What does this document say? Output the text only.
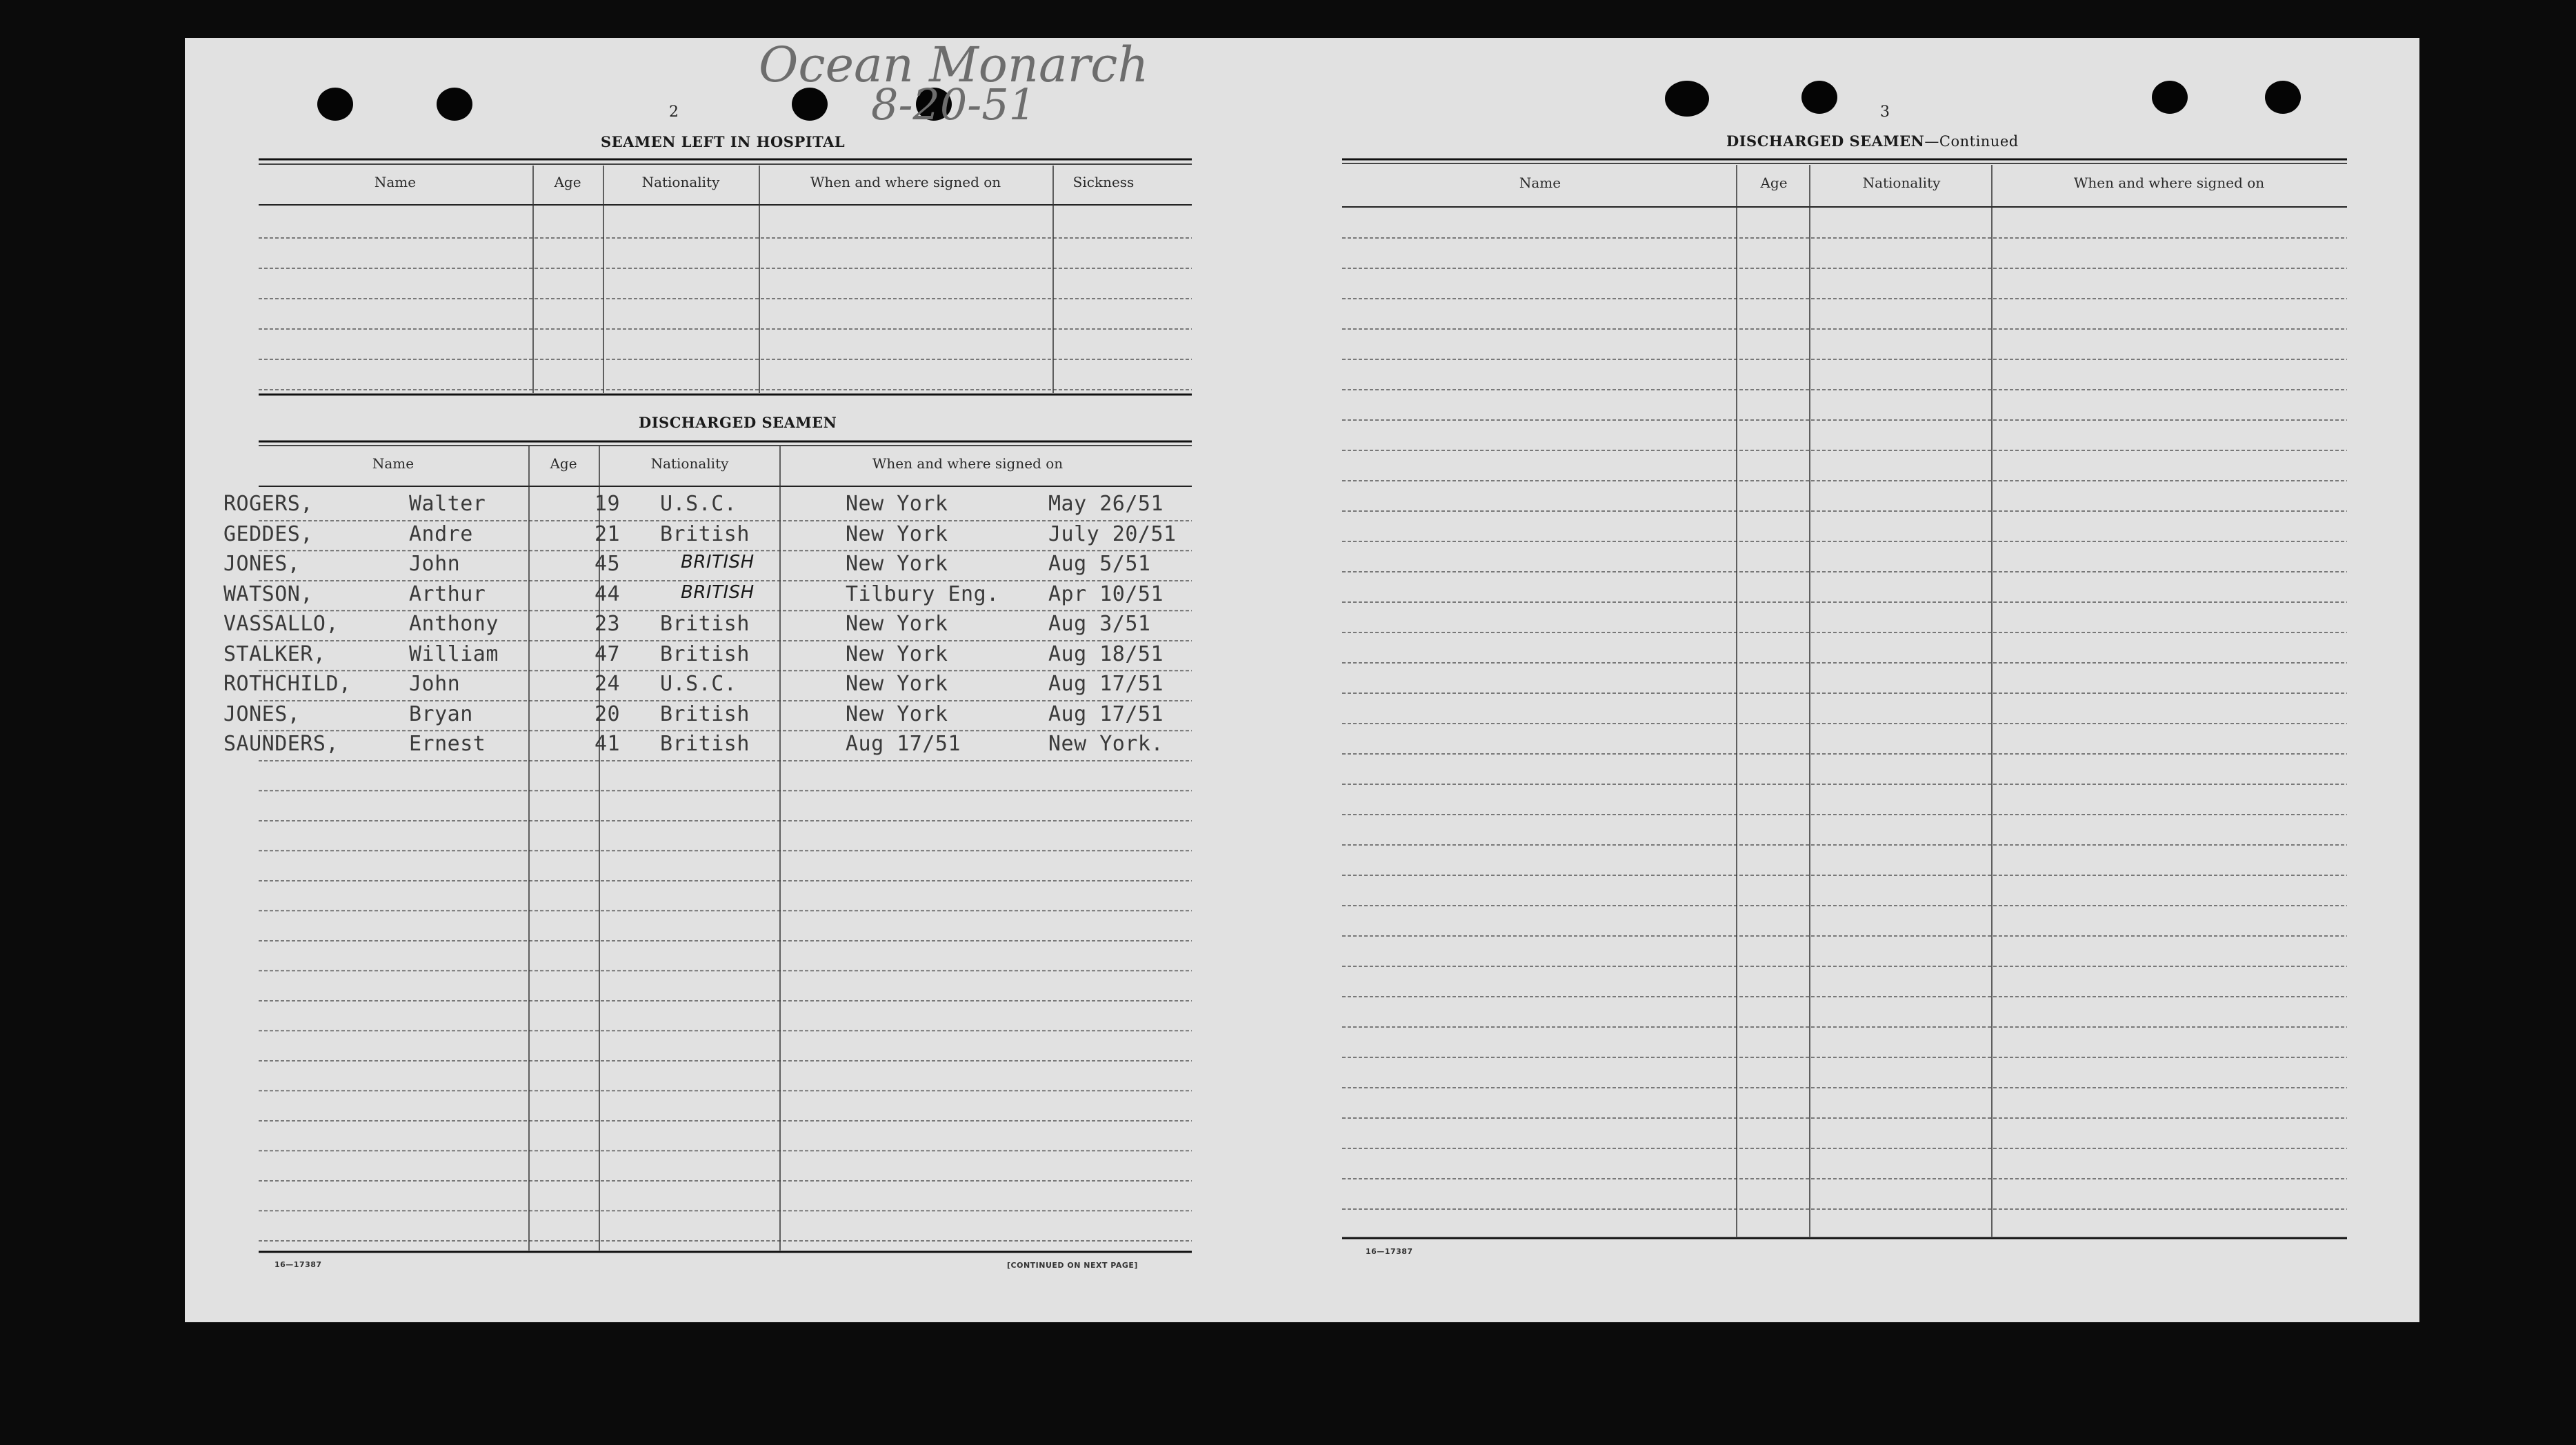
Ocean Monarch
8-20-51
2
SEAMEN LEFT IN HOSPITAL
Name	Age	Nationality	When and where signed on	Sickness
DISCHARGED SEAMEN
Name	Age	Nationality	When and where signed on
ROGERS,	Walter	19 U.S.C.	New York	May 26/51
GEDDES,	Andre	21 British	New York	July 20/51
JONES,	John	45	BRITISH	New York	Aug 5/51
WATSON,	Arthur	44	BRITISH	Tilbury Eng. Apr 10/51
VASSALLO,	Anthony	23 British	New York	Aug 3/51
STALKER,	William	47 British	New York	Aug 18/51
ROTHCHILD,	John	24 U.S.C.	New York	Aug 17/51
JONES,	Bryan	20 British	New York	Aug 17/51
SAUNDERS,	Ernest	41 British	Aug 17/51	New York.
16—17387	[CONTINUED ON NEXT PAGE]
3
DISCHARGED SEAMEN—Continued
Name	Age	Nationality	When and where signed on
16—17387
